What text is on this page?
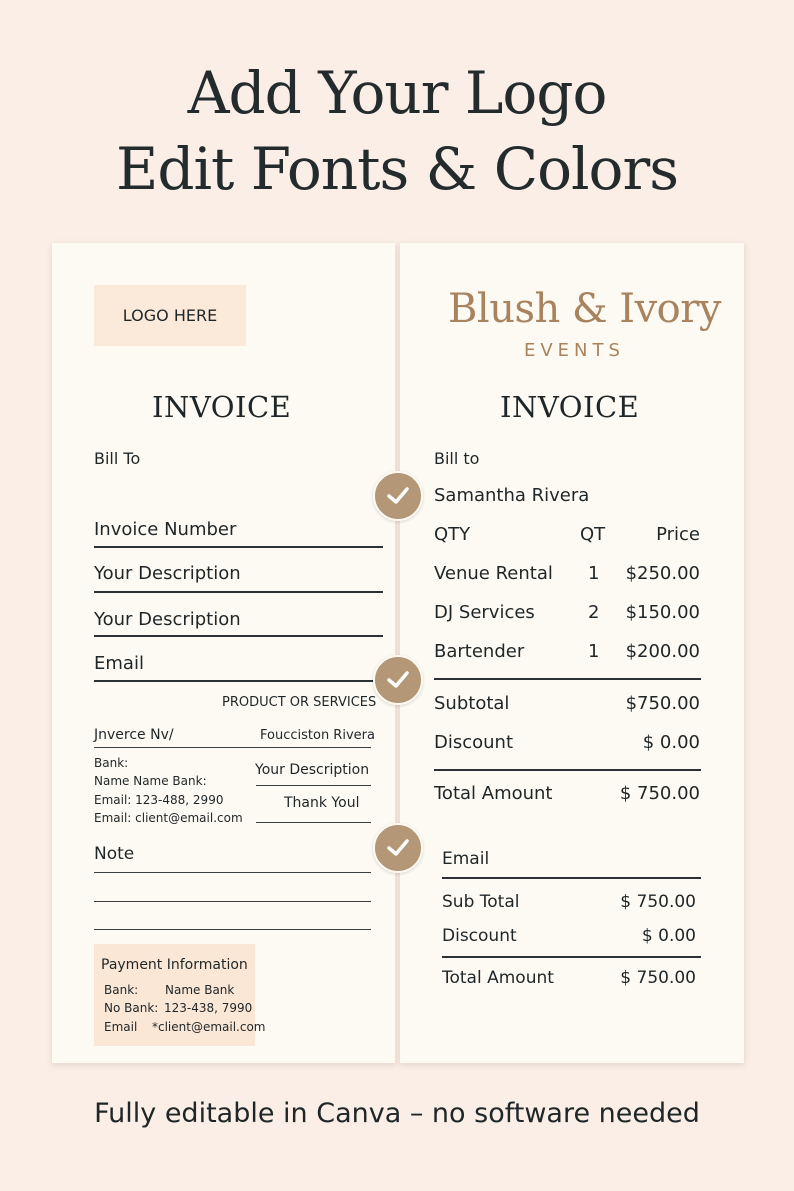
Add Your Logo
Edit Fonts & Colors
LOGO HERE
INVOICE
Bill To
Invoice Number
Your Description
Your Description
Email
PRODUCT OR SERVICES
Jnverce Nv/	Foucciston Rivera
Bank:
Name Name Bank:
Email: 123-488, 2990
Email: client@email.com
Your Description
Thank Youl
Note
Payment Information
Bank: Name Bank
No Bank: 123-438, 7990
Email *client@email.com
Blush & Ivory
EVENTS
INVOICE
Bill to
Samantha Rivera
QTY	QT	Price
Venue Rental 1	$250.00
DJ Services	2	$150.00
Bartender	1	$200.00
Subtotal	$750.00
Discount	$ 0.00
Total Amount	$ 750.00
Email
Sub Total	$ 750.00
Discount	$ 0.00
Total Amount	$ 750.00
Fully editable in Canva – no software needed
